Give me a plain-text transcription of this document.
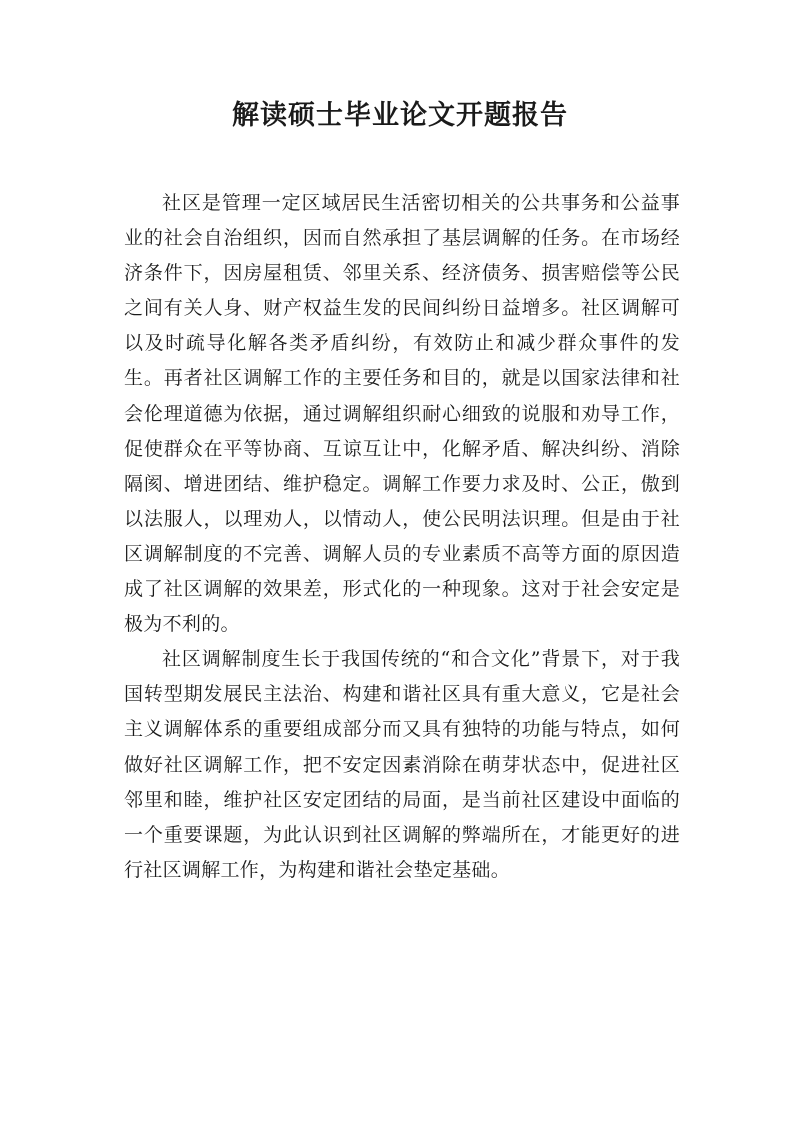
解读硕士毕业论文开题报告

社区是管理一定区域居民生活密切相关的公共事务和公益事业的社会自治组织，因而自然承担了基层调解的任务。在市场经济条件下，因房屋租赁、邻里关系、经济债务、损害赔偿等公民之间有关人身、财产权益生发的民间纠纷日益增多。社区调解可以及时疏导化解各类矛盾纠纷，有效防止和减少群众事件的发生。再者社区调解工作的主要任务和目的，就是以国家法律和社会伦理道德为依据，通过调解组织耐心细致的说服和劝导工作，促使群众在平等协商、互谅互让中，化解矛盾、解决纠纷、消除隔阂、增进团结、维护稳定。调解工作要力求及时、公正，傲到以法服人，以理劝人，以情动人，使公民明法识理。但是由于社区调解制度的不完善、调解人员的专业素质不高等方面的原因造成了社区调解的效果差，形式化的一种现象。这对于社会安定是极为不利的。

社区调解制度生长于我国传统的“和合文化”背景下，对于我国转型期发展民主法治、构建和谐社区具有重大意义，它是社会主义调解体系的重要组成部分而又具有独特的功能与特点，如何做好社区调解工作，把不安定因素消除在萌芽状态中，促进社区邻里和睦，维护社区安定团结的局面，是当前社区建设中面临的一个重要课题，为此认识到社区调解的弊端所在，才能更好的进行社区调解工作，为构建和谐社会垫定基础。
